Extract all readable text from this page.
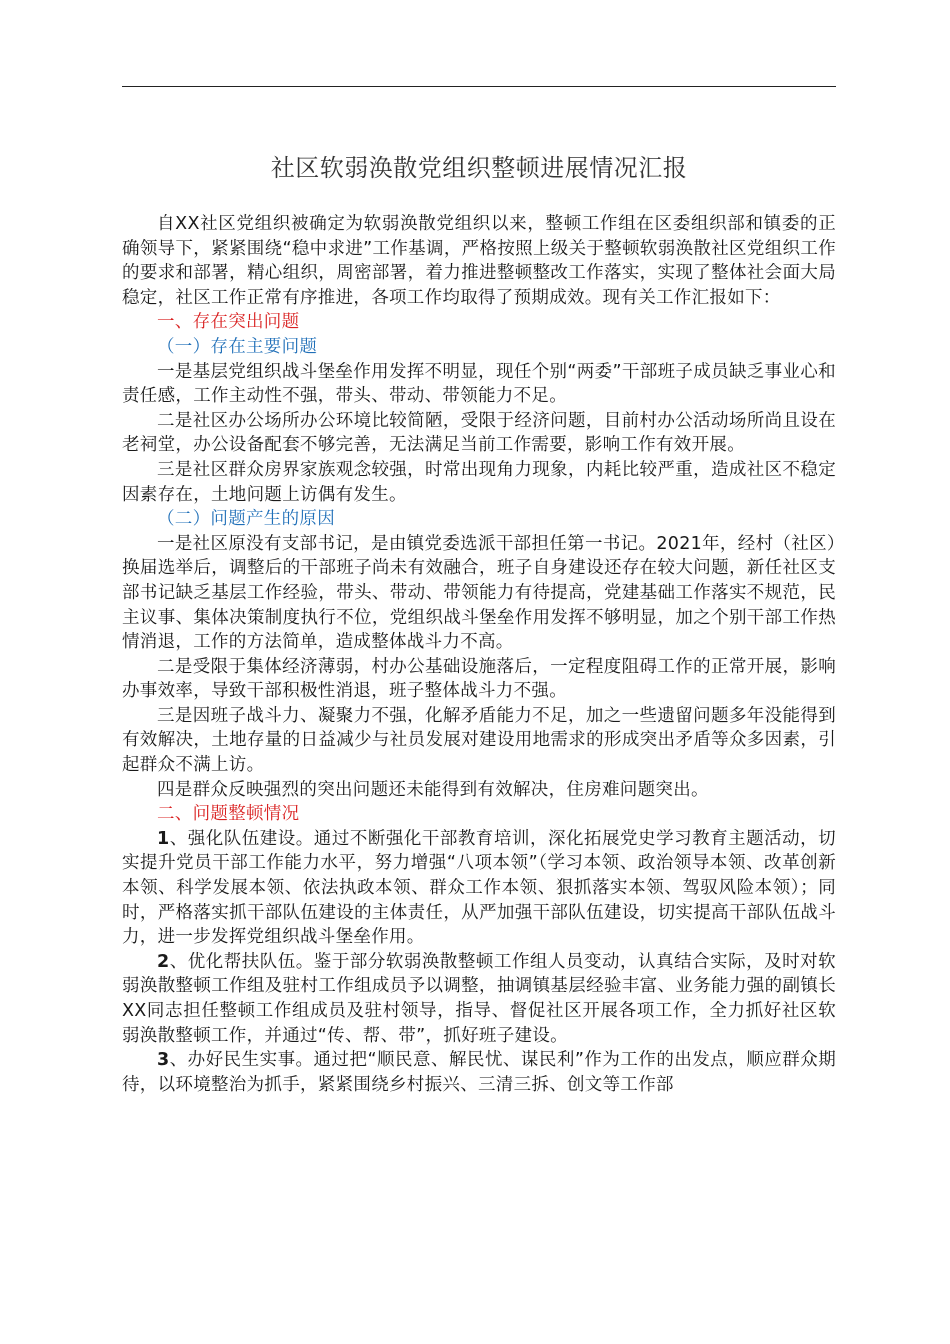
社区软弱涣散党组织整顿进展情况汇报

自XX社区党组织被确定为软弱涣散党组织以来，整顿工作组在区委组织部和镇委的正确领导下，紧紧围绕“稳中求进”工作基调，严格按照上级关于整顿软弱涣散社区党组织工作的要求和部署，精心组织，周密部署，着力推进整顿整改工作落实，实现了整体社会面大局稳定，社区工作正常有序推进，各项工作均取得了预期成效。现有关工作汇报如下：

一、存在突出问题

（一）存在主要问题

一是基层党组织战斗堡垒作用发挥不明显，现任个别“两委”干部班子成员缺乏事业心和责任感，工作主动性不强，带头、带动、带领能力不足。

二是社区办公场所办公环境比较简陋，受限于经济问题，目前村办公活动场所尚且设在老祠堂，办公设备配套不够完善，无法满足当前工作需要，影响工作有效开展。

三是社区群众房界家族观念较强，时常出现角力现象，内耗比较严重，造成社区不稳定因素存在，土地问题上访偶有发生。

（二）问题产生的原因

一是社区原没有支部书记，是由镇党委选派干部担任第一书记。2021年，经村（社区）换届选举后，调整后的干部班子尚未有效融合，班子自身建设还存在较大问题，新任社区支部书记缺乏基层工作经验，带头、带动、带领能力有待提高，党建基础工作落实不规范，民主议事、集体决策制度执行不位，党组织战斗堡垒作用发挥不够明显，加之个别干部工作热情消退，工作的方法简单，造成整体战斗力不高。

二是受限于集体经济薄弱，村办公基础设施落后，一定程度阻碍工作的正常开展，影响办事效率，导致干部积极性消退，班子整体战斗力不强。

三是因班子战斗力、凝聚力不强，化解矛盾能力不足，加之一些遗留问题多年没能得到有效解决，土地存量的日益减少与社员发展对建设用地需求的形成突出矛盾等众多因素，引起群众不满上访。

四是群众反映强烈的突出问题还未能得到有效解决，住房难问题突出。

二、问题整顿情况

1、强化队伍建设。通过不断强化干部教育培训，深化拓展党史学习教育主题活动，切实提升党员干部工作能力水平，努力增强“八项本领”（学习本领、政治领导本领、改革创新本领、科学发展本领、依法执政本领、群众工作本领、狠抓落实本领、驾驭风险本领）；同时，严格落实抓干部队伍建设的主体责任，从严加强干部队伍建设，切实提高干部队伍战斗力，进一步发挥党组织战斗堡垒作用。

2、优化帮扶队伍。鉴于部分软弱涣散整顿工作组人员变动，认真结合实际，及时对软弱涣散整顿工作组及驻村工作组成员予以调整，抽调镇基层经验丰富、业务能力强的副镇长XX同志担任整顿工作组成员及驻村领导，指导、督促社区开展各项工作，全力抓好社区软弱涣散整顿工作，并通过“传、帮、带”，抓好班子建设。

3、办好民生实事。通过把“顺民意、解民忧、谋民利”作为工作的出发点，顺应群众期待，以环境整治为抓手，紧紧围绕乡村振兴、三清三拆、创文等工作部
